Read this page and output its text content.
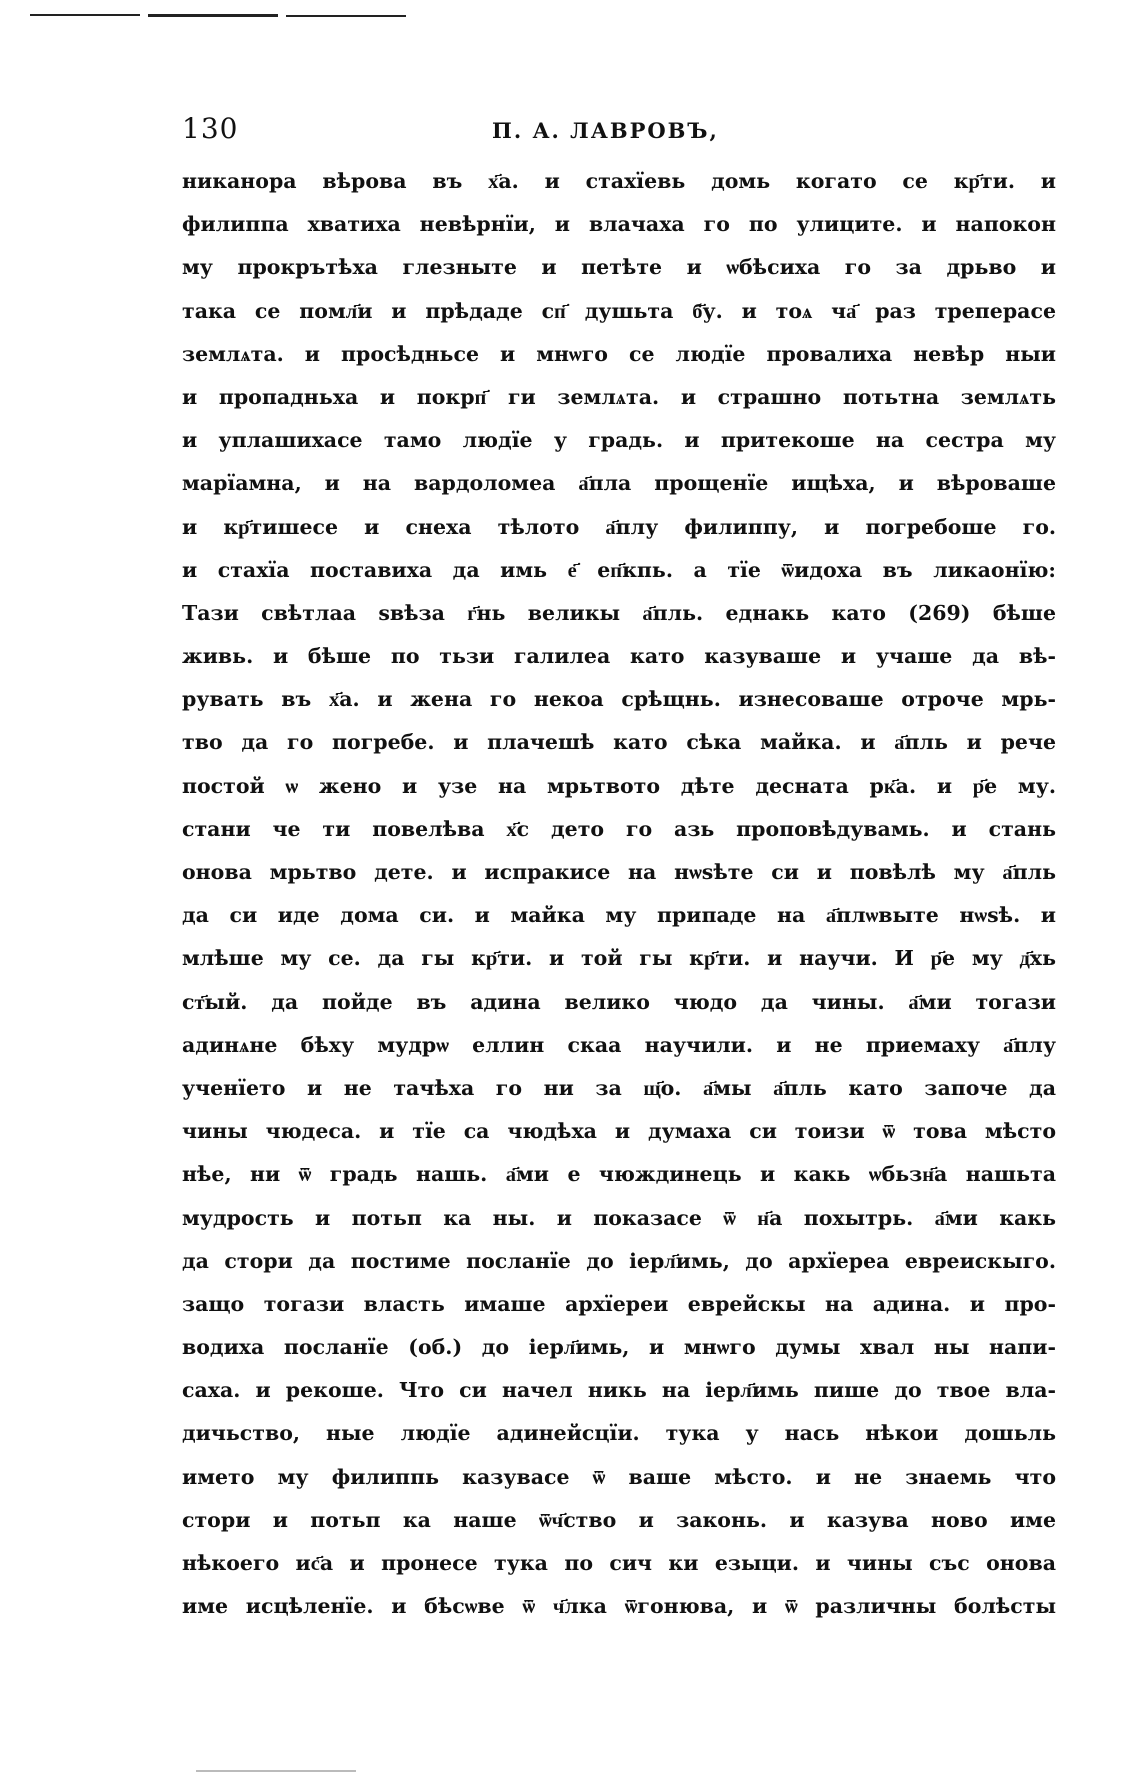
130	П. А. ЛАВРОВЪ,
никанора вѣрова въ х҃а. и стахїевь домь когато се кр҃ти. и
филиппа хватиха невѣрнїи, и влачаха го по улиците. и напокон
му прокрътѣха глезныте и петѣте и ѡбѣсиха го за дрьво и
така се помл҃и и прѣдаде сп҃ душьта б҃у. и тоѧ ча҃ раз трепераce
землѧта. и просѣдньсе и мнѡго се людїе провалиха невѣр ныи
и пропадньха и покрп҃ ги землѧта. и страшно потьтна землѧть
и уплашихасе тамо людїе у градь. и притекоше на сестра му
марїамна, и на вардоломеа а҃пла прощенїе ищѣха, и вѣроваше
и кр҃тишесе и снеха тѣлото а҃плу филиппу, и погребоше го.
и стахїа поставиха да имь е҃ еп҃кпь. а тїе ѿидоха въ ликаонїю:
Тази свѣтлаа ѕвѣза г҃нь великы а҃пль. еднакь като (269) бѣше
живь. и бѣше по тьзи галилеа като казуваше и учаше да вѣ-
рувать въ х҃а. и жена го некоа срѣщнь. изнесоваше отроче мрь-
тво да го погребе. и плачешѣ като сѣка майка. и а҃пль и рече
постой ѡ жено и узе на мрьтвото дѣте деснатa рк҃а. и р҃е му.
стани че ти повелѣва х҃с дето го азь проповѣдувамь. и стань
онова мрьтво дете. и испракисе на нѡѕѣте си и повѣлѣ му а҃пль
да си иде дома си. и майка му припаде на а҃плѡвыте нѡѕѣ. и
млѣше му се. да гы кр҃ти. и той гы кр҃ти. и научи. И р҃е му д҃хь
ст҃ый. да пойде въ адина велико чюдо да чины. а҃ми тогази
адинѧне бѣху мудрѡ еллин скаа научили. и не приемаху а҃плу
ученїето и не тачѣха го ни за щ҃о. а҃мы а҃пль като започе да
чины чюдеса. и тїе са чюдѣха и думаха си тоизи ѿ това мѣсто
нѣе, ни ѿ градь нашь. а҃ми е чюждинець и какь ѡбьзн҃а нашьта
мудрость и потьп ка ны. и показасе ѿ н҃а похытрь. а҃ми какь
да стори да постиме посланїе до іерл҃имь, до архїереа евреискыго.
защо тогази власть имаше архїереи еврейскы на адина. и про-
водиха посланїе (об.) до іерл҃имь, и мнѡго думы хвал ны напи-
саха. и рекоше. Что си начел никь на іерл҃имь пише до твое вла-
дичьство, ные людїе адинейсцїи. тука у нась нѣкои дошьль
името му филиппь казувасе ѿ ваше мѣсто. и не знаемь что
стори и потьп ка наше ѿч҃ство и законь. и казува ново име
нѣкоего ис҃а и пронесе тука по сич ки езыци. и чины със онова
име исцѣленїе. и бѣсѡве ѿ ч҃лка ѿгонюва, и ѿ различны болѣсты
